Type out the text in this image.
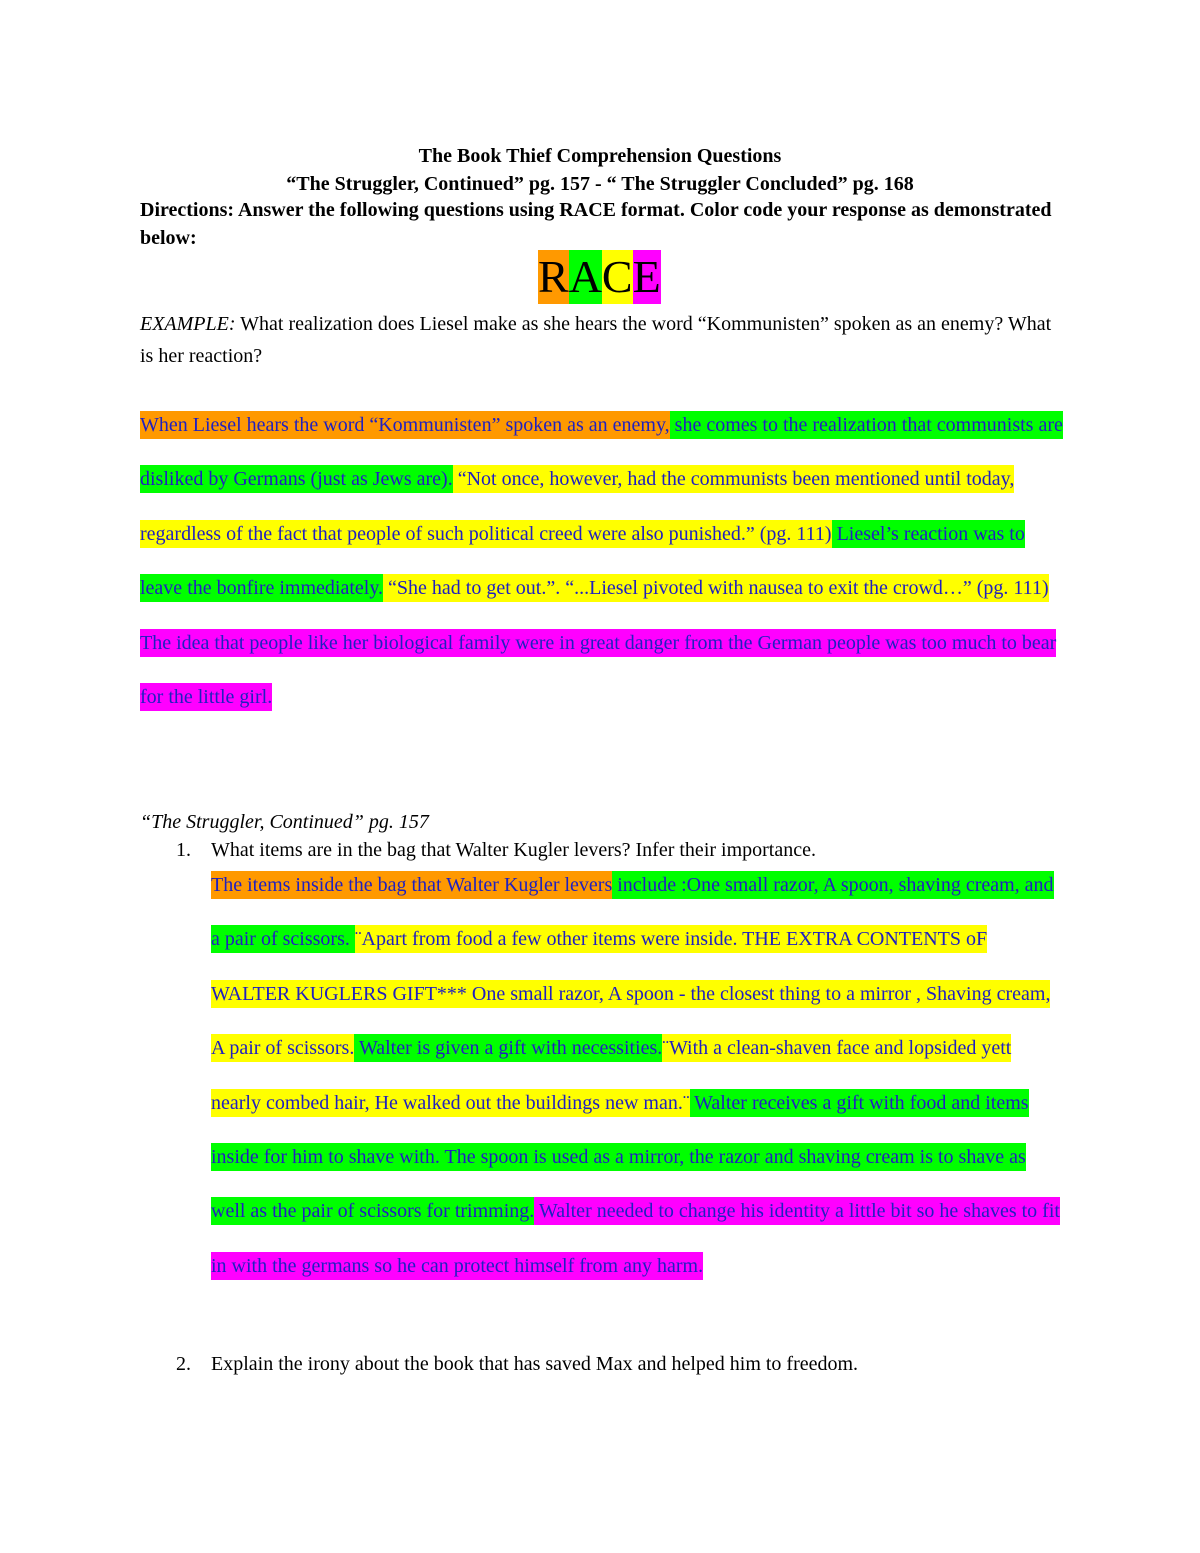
The Book Thief Comprehension Questions
“The Struggler, Continued” pg. 157 - “ The Struggler Concluded” pg. 168
Directions: Answer the following questions using RACE format. Color code your response as demonstrated below:
R A C E
EXAMPLE: What realization does Liesel make as she hears the word “Kommunisten” spoken as an enemy? What is her reaction?
When Liesel hears the word “Kommunisten” spoken as an enemy, she comes to the realization that communists are disliked by Germans (just as Jews are). “Not once, however, had the communists been mentioned until today, regardless of the fact that people of such political creed were also punished.” (pg. 111) Liesel’s reaction was to leave the bonfire immediately. “She had to get out.”. “...Liesel pivoted with nausea to exit the crowd…” (pg. 111) The idea that people like her biological family were in great danger from the German people was too much to bear for the little girl.
“The Struggler, Continued” pg. 157
1. What items are in the bag that Walter Kugler levers? Infer their importance.
The items inside the bag that Walter Kugler levers include :One small razor, A spoon, shaving cream, and a pair of scissors. ¨Apart from food a few other items were inside. THE EXTRA CONTENTS oF WALTER KUGLERS GIFT*** One small razor, A spoon - the closest thing to a mirror , Shaving cream, A pair of scissors. Walter is given a gift with necessities.¨With a clean-shaven face and lopsided yett nearly combed hair, He walked out the buildings new man.¨ Walter receives a gift with food and items inside for him to shave with. The spoon is used as a mirror, the razor and shaving cream is to shave as well as the pair of scissors for trimming. Walter needed to change his identity a little bit so he shaves to fit in with the germans so he can protect himself from any harm.
2. Explain the irony about the book that has saved Max and helped him to freedom.
